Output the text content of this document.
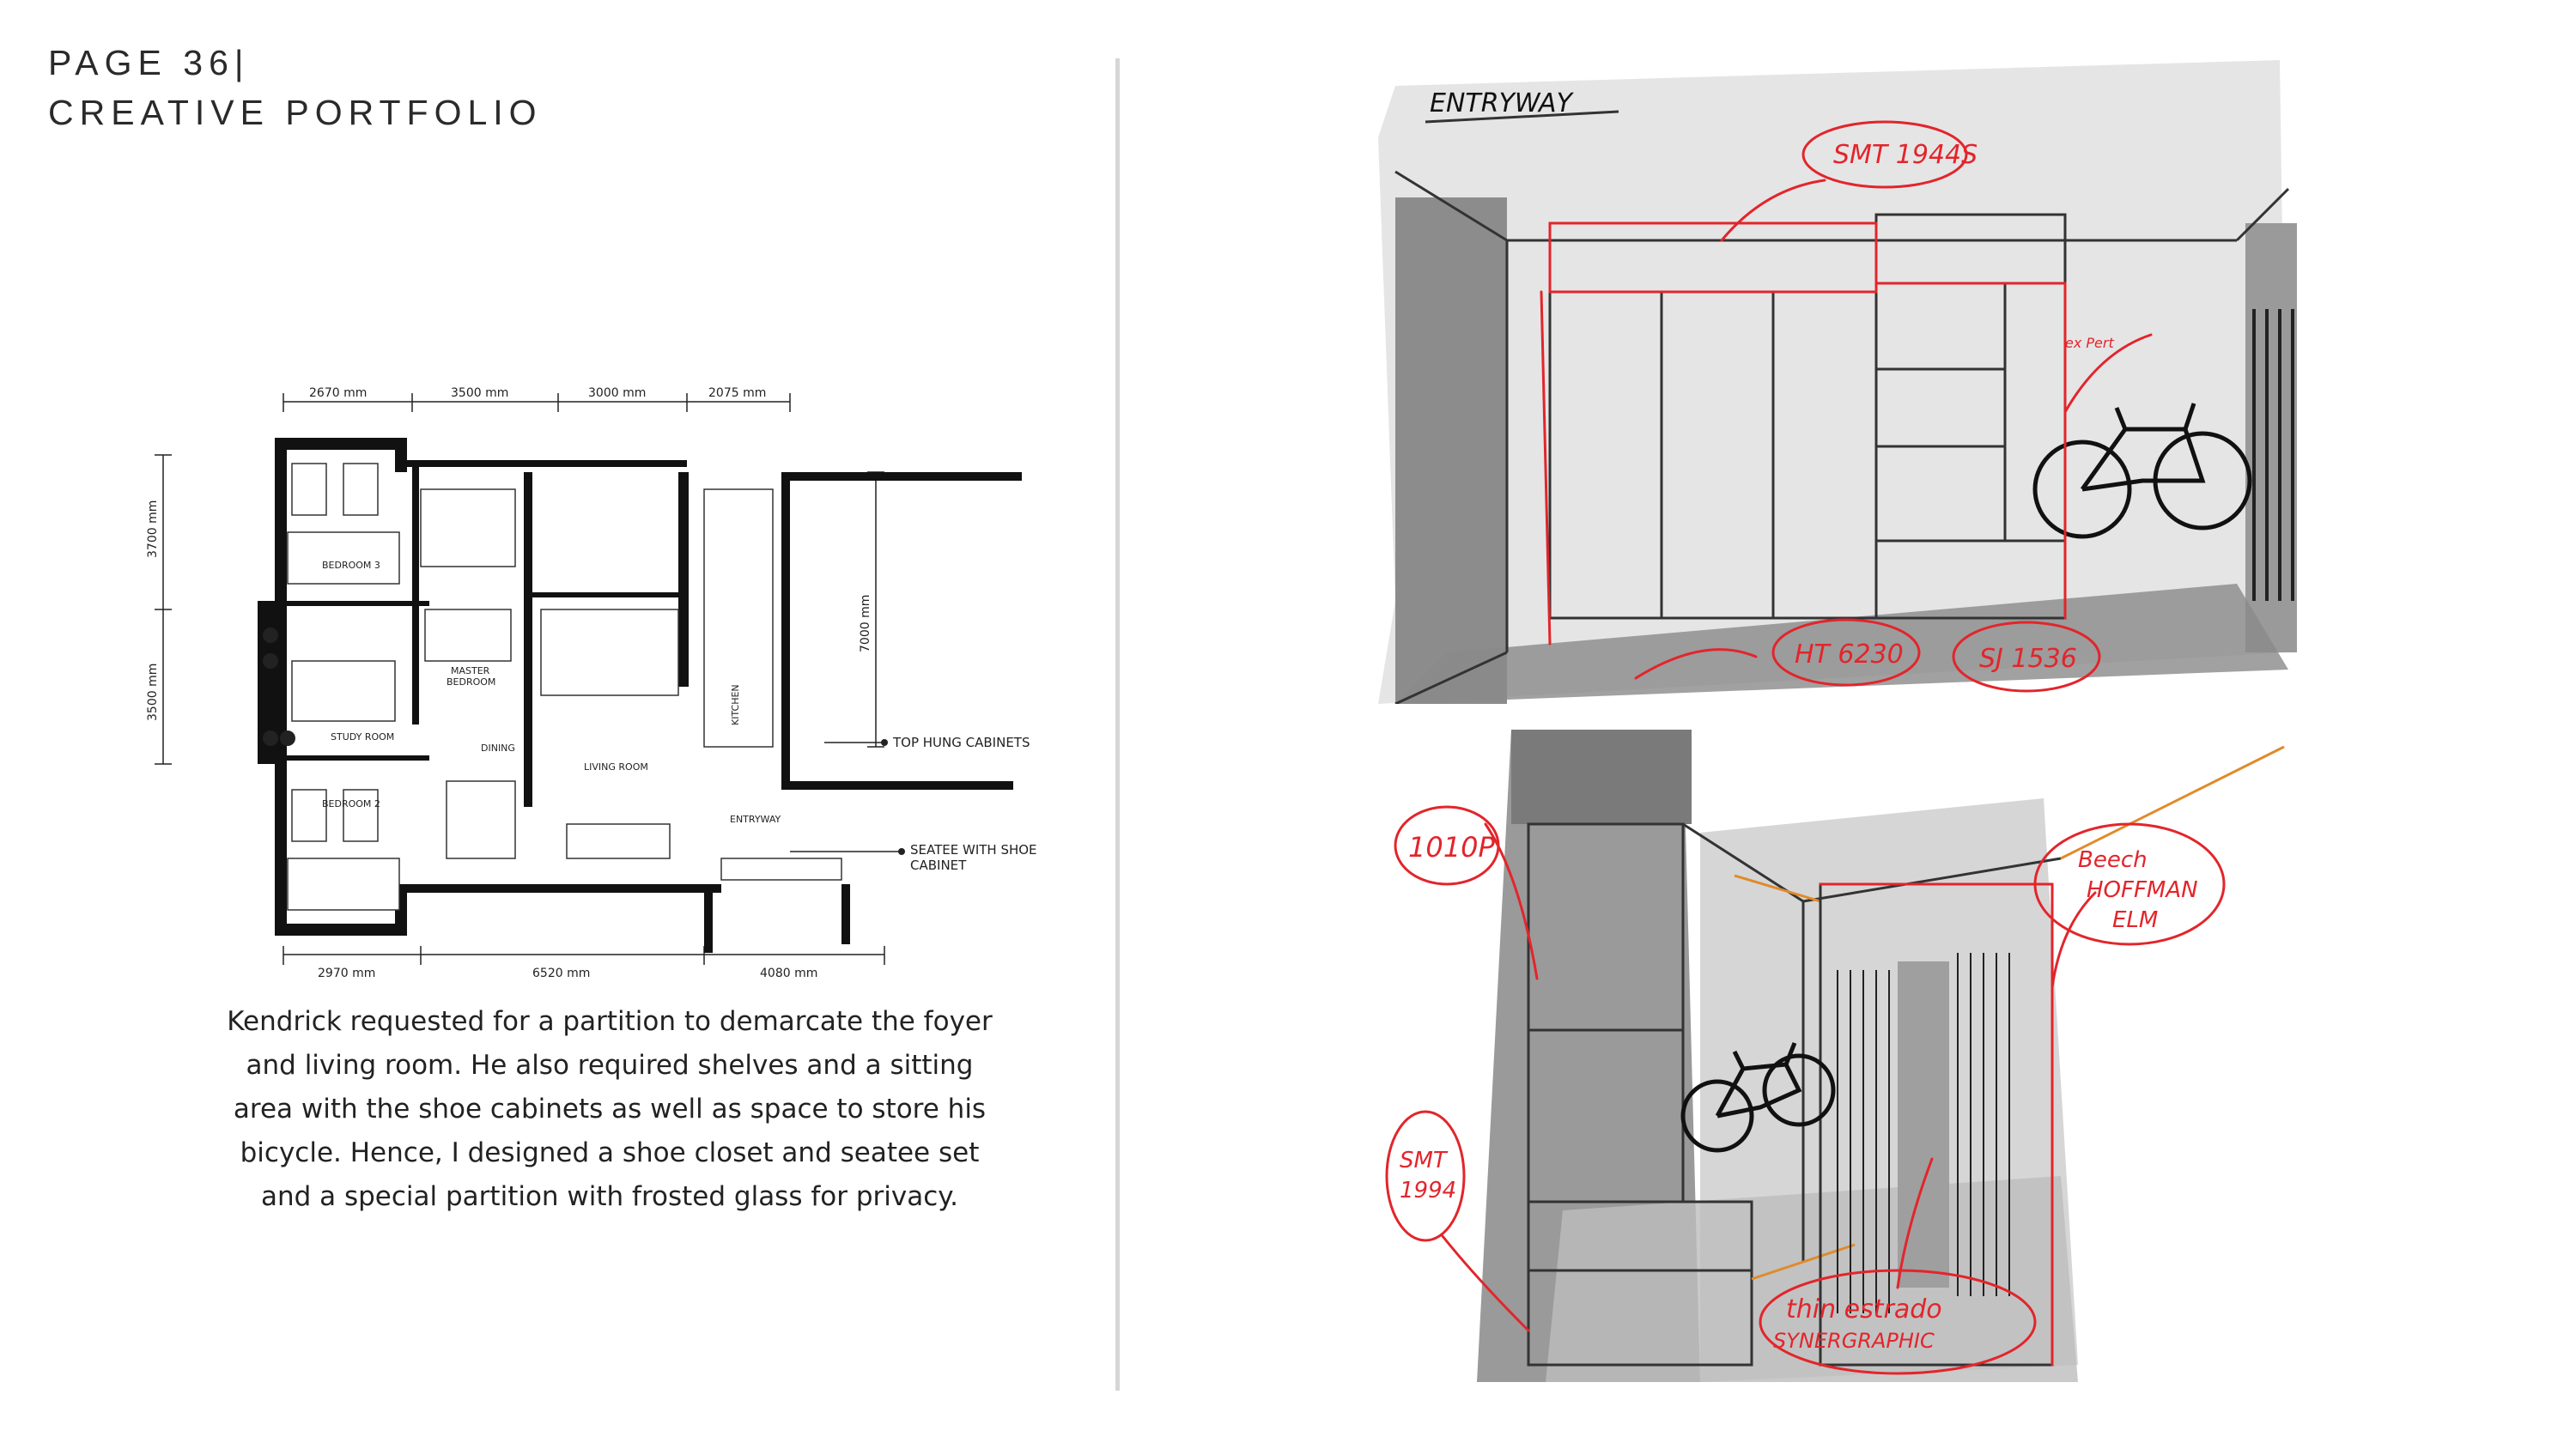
PAGE 36|
CREATIVE PORTFOLIO
2670 mm	3500 mm	3000 mm	2075 mm
2970 mm	6520 mm	4080 mm
3700 mm
3500 mm
7000 mm
BEDROOM 3
MASTER
BEDROOM
STUDY ROOM
BEDROOM 2
DINING
LIVING ROOM
KITCHEN
ENTRYWAY
TOP HUNG CABINETS
SEATEE WITH SHOE
CABINET
Kendrick requested for a partition to demarcate the foyer and living room. He also required shelves and a sitting area with the shoe cabinets as well as space to store his bicycle. Hence, I designed a shoe closet and seatee set and a special partition with frosted glass for privacy.
SMT 1944S
ex Pert
HT 6230	SJ 1536
ENTRYWAY
1010P
SMT
1994
Beech
HOFFMAN
ELM
thin estrado
SYNERGRAPHIC
